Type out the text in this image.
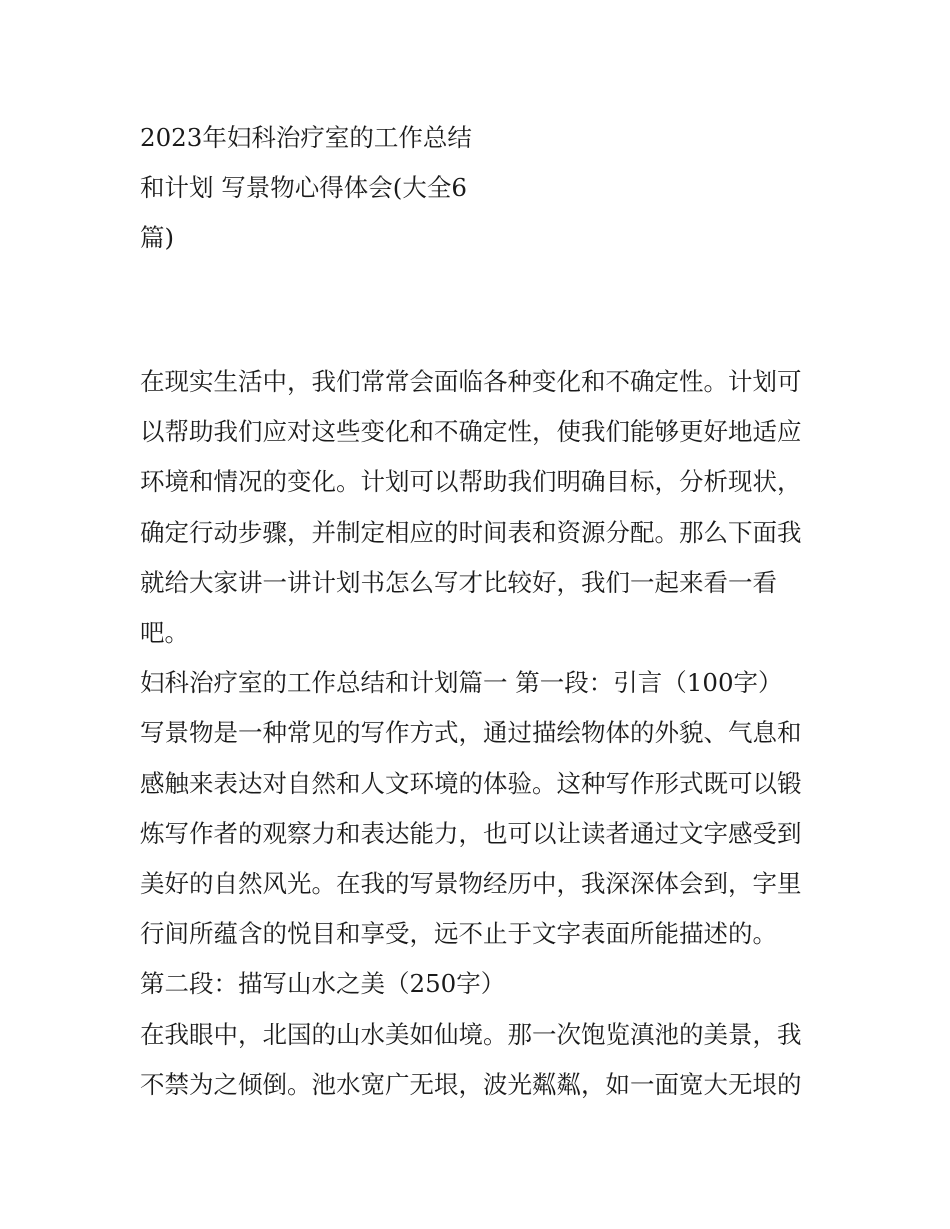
2023年妇科治疗室的工作总结
和计划 写景物心得体会(大全6
篇)
在现实生活中，我们常常会面临各种变化和不确定性。计划可
以帮助我们应对这些变化和不确定性，使我们能够更好地适应
环境和情况的变化。计划可以帮助我们明确目标，分析现状，
确定行动步骤，并制定相应的时间表和资源分配。那么下面我
就给大家讲一讲计划书怎么写才比较好，我们一起来看一看
吧。
妇科治疗室的工作总结和计划篇一 第一段：引言（100字）
写景物是一种常见的写作方式，通过描绘物体的外貌、气息和
感触来表达对自然和人文环境的体验。这种写作形式既可以锻
炼写作者的观察力和表达能力，也可以让读者通过文字感受到
美好的自然风光。在我的写景物经历中，我深深体会到，字里
行间所蕴含的悦目和享受，远不止于文字表面所能描述的。
第二段：描写山水之美（250字）
在我眼中，北国的山水美如仙境。那一次饱览滇池的美景，我
不禁为之倾倒。池水宽广无垠，波光粼粼，如一面宽大无垠的
